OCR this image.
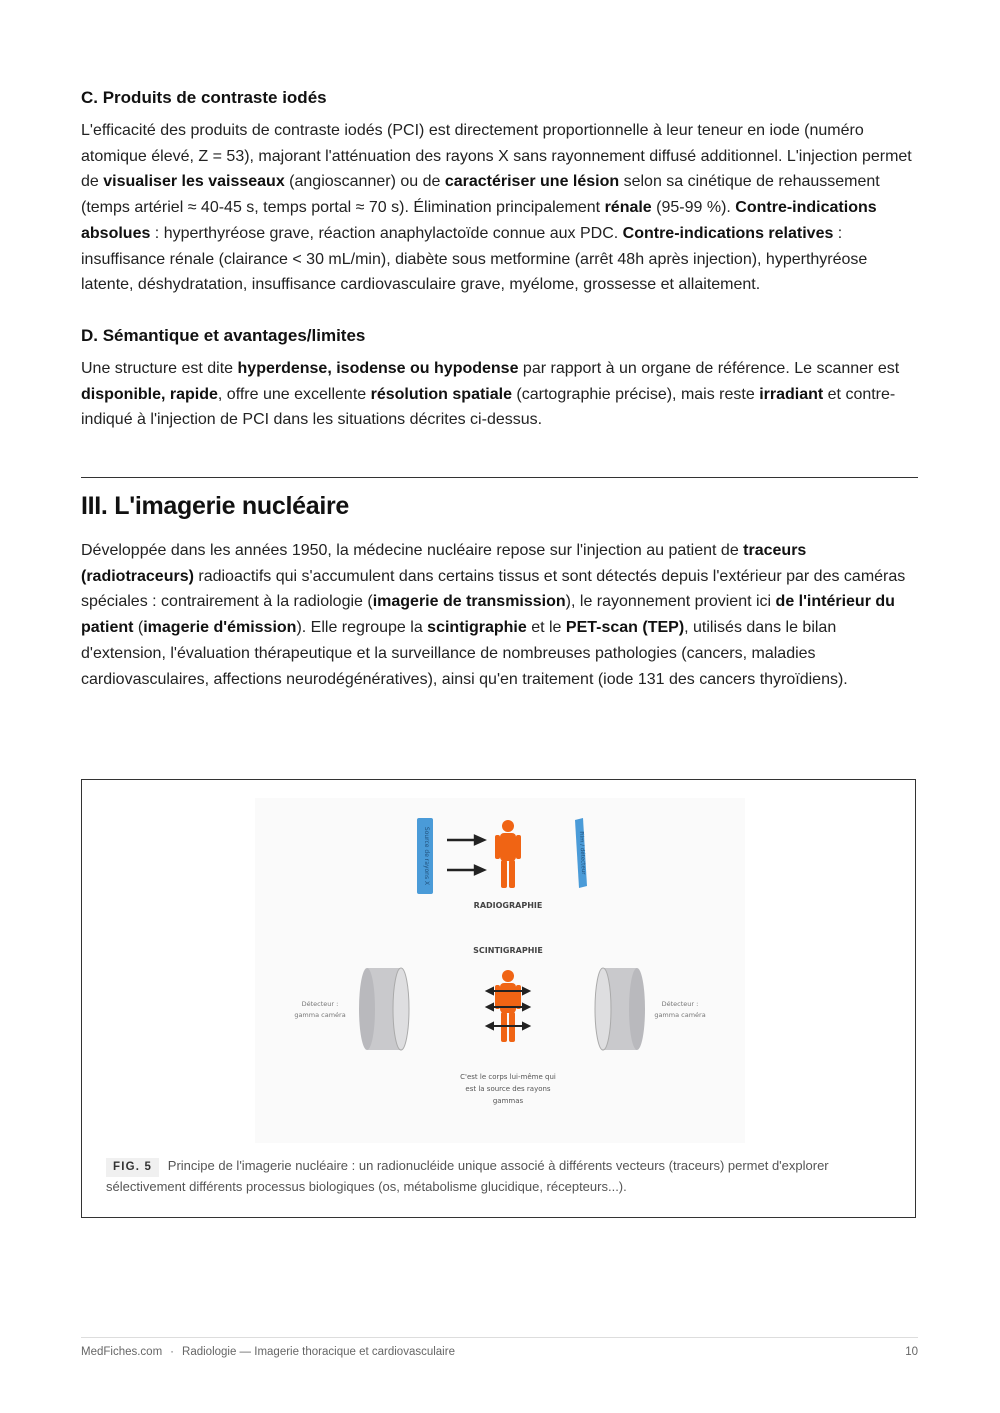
C. Produits de contraste iodés

L'efficacité des produits de contraste iodés (PCI) est directement proportionnelle à leur teneur en iode (numéro atomique élevé, Z = 53), majorant l'atténuation des rayons X sans rayonnement diffusé additionnel. L'injection permet de visualiser les vaisseaux (angioscanner) ou de caractériser une lésion selon sa cinétique de rehaussement (temps artériel ≈ 40-45 s, temps portal ≈ 70 s). Élimination principalement rénale (95-99 %). Contre-indications absolues : hyperthyréose grave, réaction anaphylactoïde connue aux PDC. Contre-indications relatives : insuffisance rénale (clairance < 30 mL/min), diabète sous metformine (arrêt 48h après injection), hyperthyréose latente, déshydratation, insuffisance cardiovasculaire grave, myélome, grossesse et allaitement.

D. Sémantique et avantages/limites

Une structure est dite hyperdense, isodense ou hypodense par rapport à un organe de référence. Le scanner est disponible, rapide, offre une excellente résolution spatiale (cartographie précise), mais reste irradiant et contre-indiqué à l'injection de PCI dans les situations décrites ci-dessus.

III. L'imagerie nucléaire

Développée dans les années 1950, la médecine nucléaire repose sur l'injection au patient de traceurs (radiotraceurs) radioactifs qui s'accumulent dans certains tissus et sont détectés depuis l'extérieur par des caméras spéciales : contrairement à la radiologie (imagerie de transmission), le rayonnement provient ici de l'intérieur du patient (imagerie d'émission). Elle regroupe la scintigraphie et le PET-scan (TEP), utilisés dans le bilan d'extension, l'évaluation thérapeutique et la surveillance de nombreuses pathologies (cancers, maladies cardiovasculaires, affections neurodégénératives), ainsi qu'en traitement (iode 131 des cancers thyroïdiens).

Source de rayons X	Film / détecteur
RADIOGRAPHIE
SCINTIGRAPHIE
Détecteur :
gamma caméra
Détecteur :
gamma caméra
C'est le corps lui-même qui
est la source des rayons
gammas
FIG. 5 Principe de l'imagerie nucléaire : un radionucléide unique associé à différents vecteurs (traceurs) permet d'explorer sélectivement différents processus biologiques (os, métabolisme glucidique, récepteurs...).
MedFiches.com · Radiologie — Imagerie thoracique et cardiovasculaire	10
